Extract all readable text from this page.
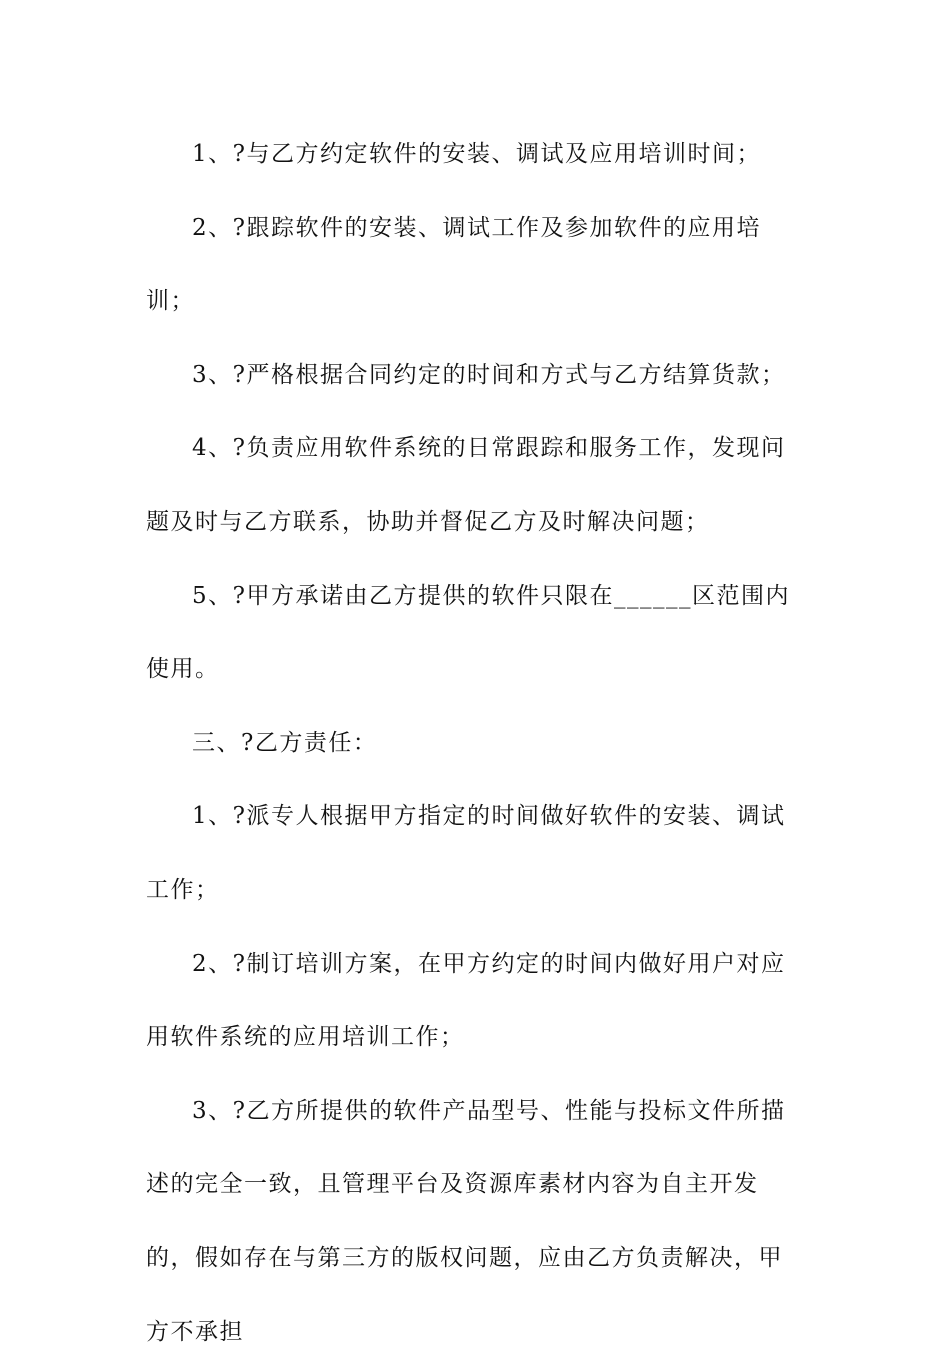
1、?与乙方约定软件的安装、调试及应用培训时间；

2、?跟踪软件的安装、调试工作及参加软件的应用培训；

3、?严格根据合同约定的时间和方式与乙方结算货款；

4、?负责应用软件系统的日常跟踪和服务工作，发现问题及时与乙方联系，协助并督促乙方及时解决问题；

5、?甲方承诺由乙方提供的软件只限在______区范围内使用。

三、?乙方责任：

1、?派专人根据甲方指定的时间做好软件的安装、调试工作；

2、?制订培训方案，在甲方约定的时间内做好用户对应用软件系统的应用培训工作；

3、?乙方所提供的软件产品型号、性能与投标文件所描述的完全一致，且管理平台及资源库素材内容为自主开发的，假如存在与第三方的版权问题，应由乙方负责解决，甲方不承担
